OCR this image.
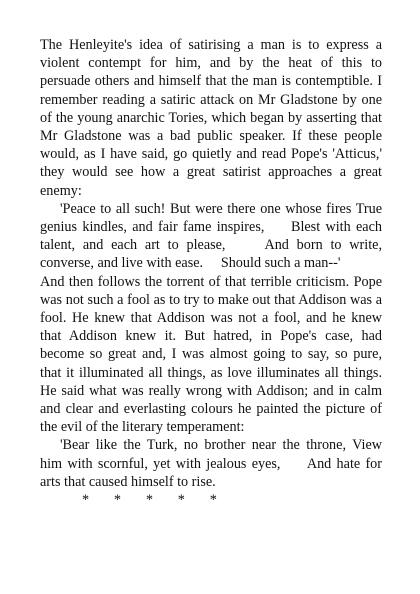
The Henleyite's idea of satirising a man is to express a violent contempt for him, and by the heat of this to persuade others and himself that the man is contemptible. I remember reading a satiric attack on Mr Gladstone by one of the young anarchic Tories, which began by asserting that Mr Gladstone was a bad public speaker. If these people would, as I have said, go quietly and read Pope's 'Atticus,' they would see how a great satirist approaches a great enemy:

'Peace to all such! But were there one whose fires True genius kindles, and fair fame inspires,     Blest with each talent, and each art to please,     And born to write, converse, and live with ease.     Should such a man--'

And then follows the torrent of that terrible criticism. Pope was not such a fool as to try to make out that Addison was a fool. He knew that Addison was not a fool, and he knew that Addison knew it. But hatred, in Pope's case, had become so great and, I was almost going to say, so pure, that it illuminated all things, as love illuminates all things. He said what was really wrong with Addison; and in calm and clear and everlasting colours he painted the picture of the evil of the literary temperament:

'Bear like the Turk, no brother near the throne, View him with scornful, yet with jealous eyes,     And hate for arts that caused himself to rise.

*       *       *       *       *
